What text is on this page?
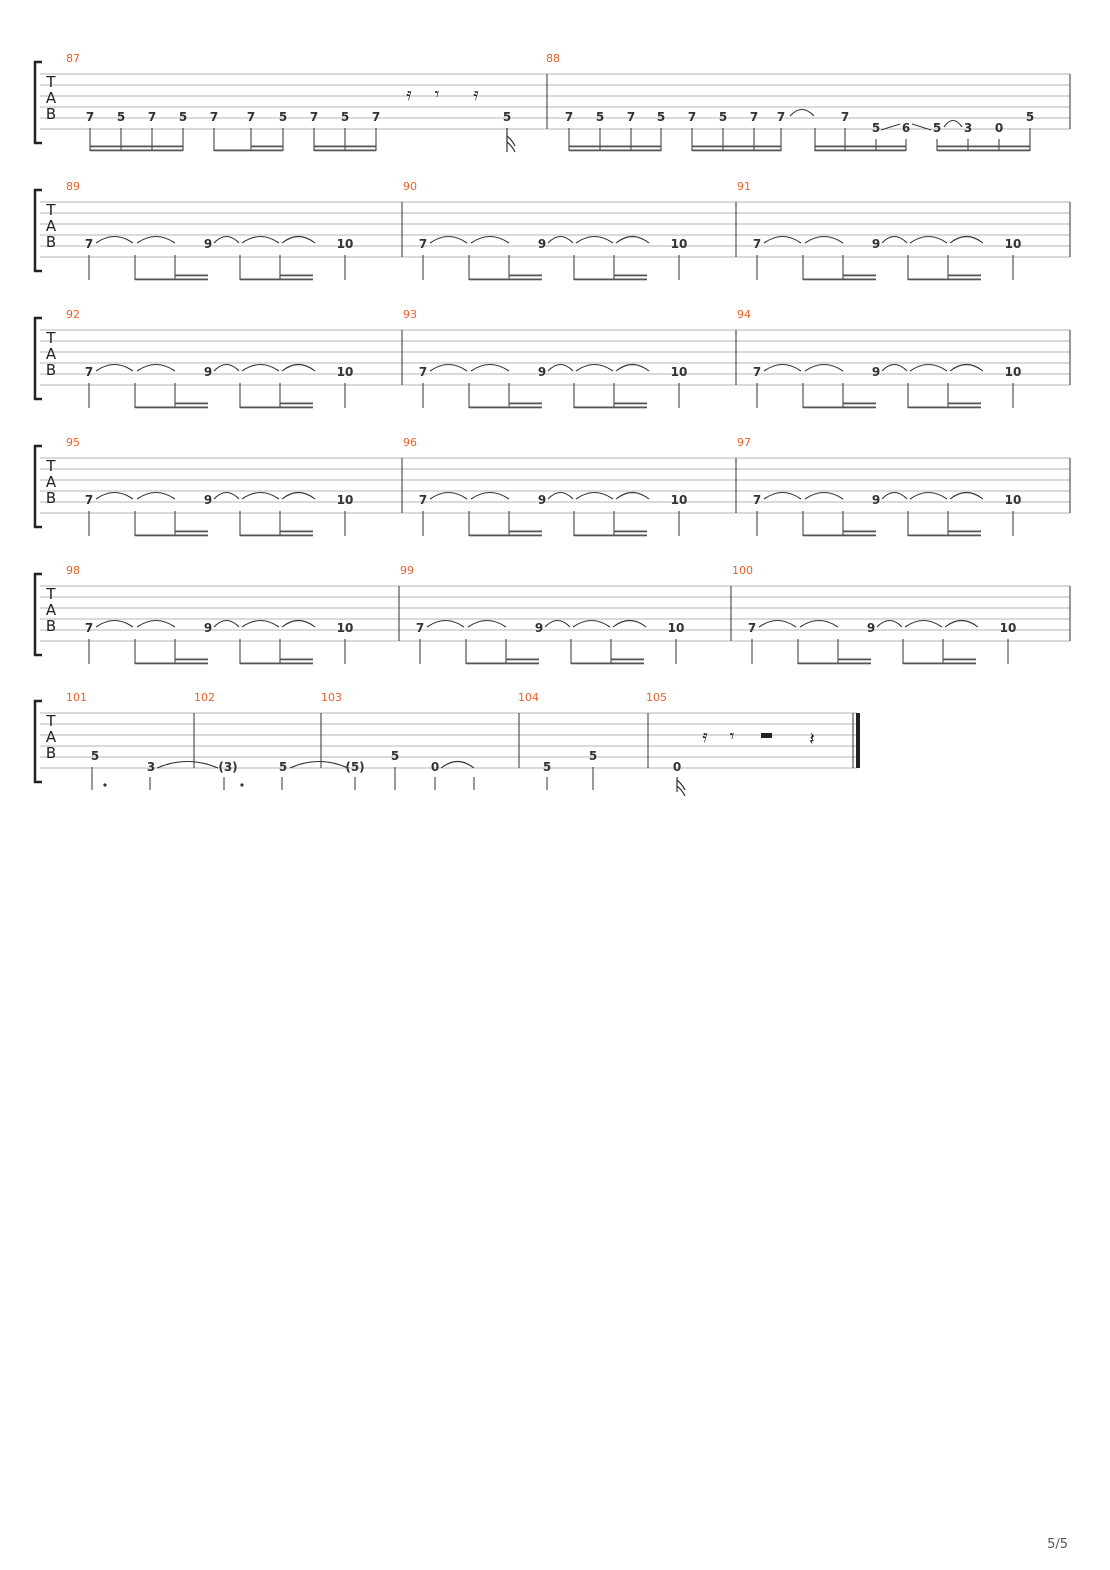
T
A
B
87	88
7 5 7 5 7 7 5 7 5 7	5
𝄿 𝄾 𝄿
7 5 7 5 7 5 7 7	7
5 6 5 3 0
5
T
A
B
89
7	9	10
90
7	9	10
91
7	9	10
T
A
B
92
7	9	10
93
7	9	10
94
7	9	10
T
A
B
95
7	9	10
96
7	9	10
97
7	9	10
T
A
B
98
7	9	10
99
7	9	10
100
7	9	10
T
A
B
101	102	103	104	105
5
3	(3)	5	(5)
5
0	5
5
0
𝄿 𝄾	𝄽
5/5
